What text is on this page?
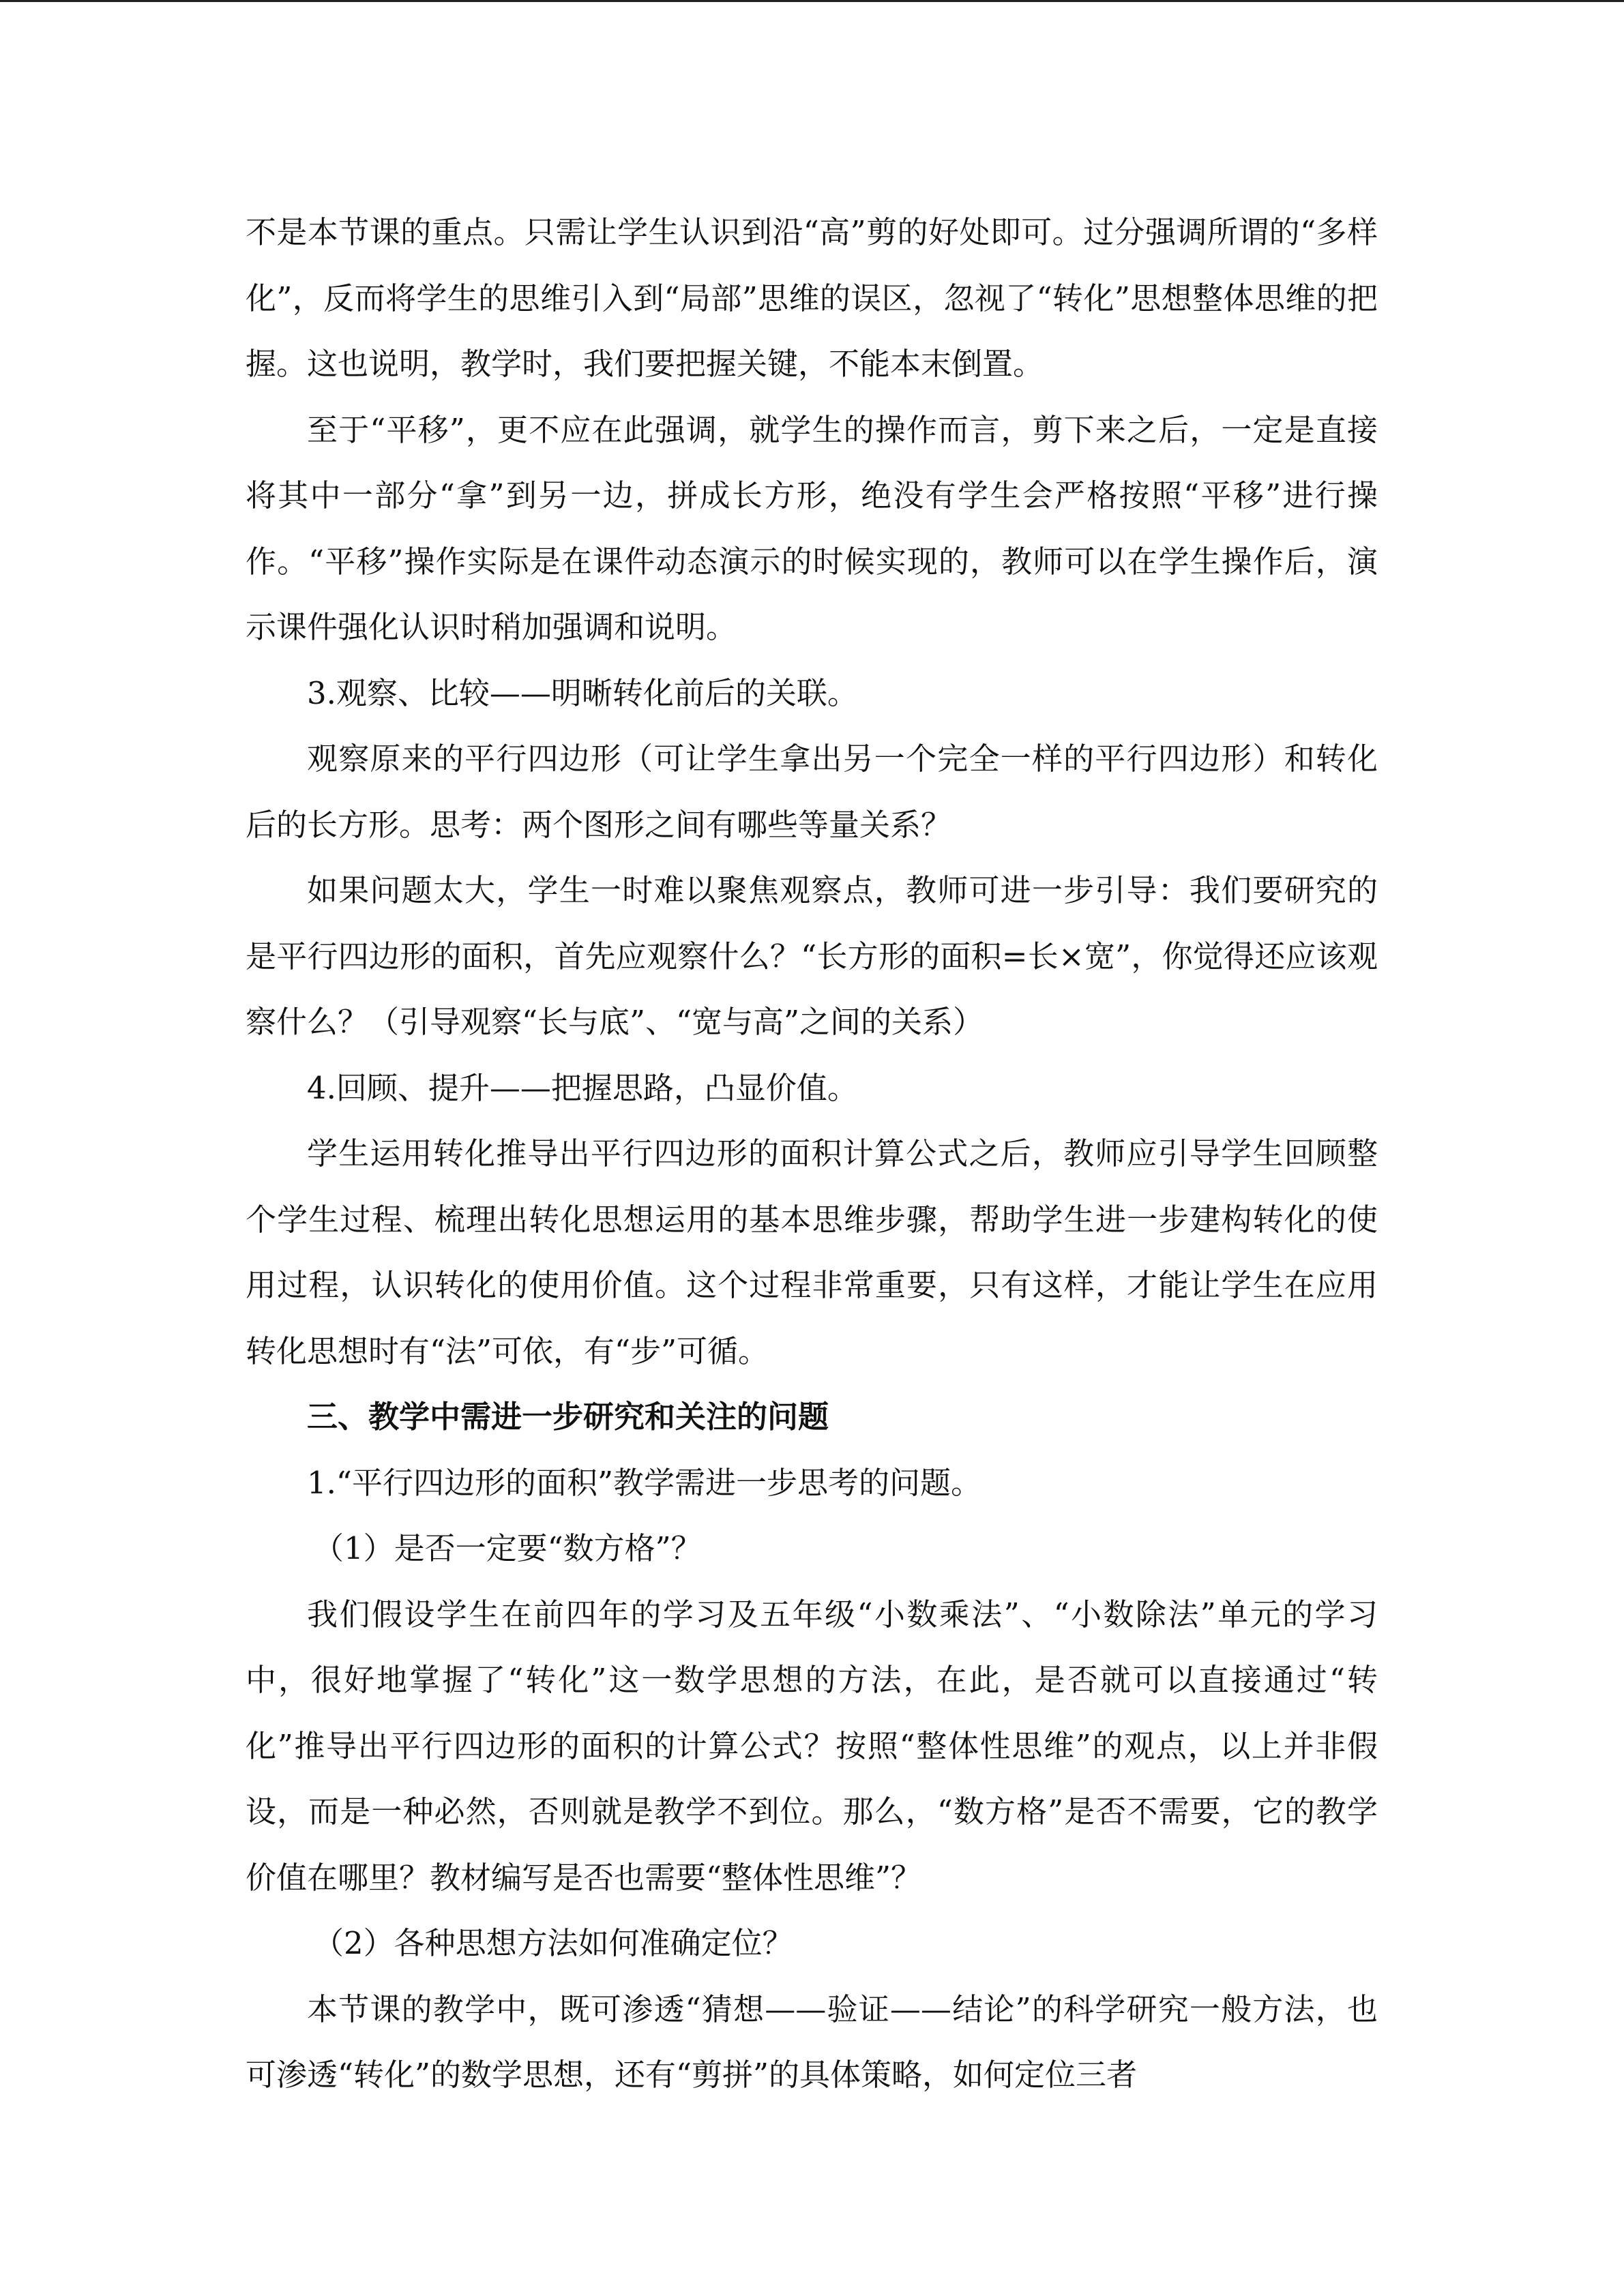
不是本节课的重点。只需让学生认识到沿“高”剪的好处即可。过分强调所谓的“多样化”，反而将学生的思维引入到“局部”思维的误区，忽视了“转化”思想整体思维的把握。这也说明，教学时，我们要把握关键，不能本末倒置。

至于“平移”，更不应在此强调，就学生的操作而言，剪下来之后，一定是直接将其中一部分“拿”到另一边，拼成长方形，绝没有学生会严格按照“平移”进行操作。“平移”操作实际是在课件动态演示的时候实现的，教师可以在学生操作后，演示课件强化认识时稍加强调和说明。

3.观察、比较——明晰转化前后的关联。

观察原来的平行四边形（可让学生拿出另一个完全一样的平行四边形）和转化后的长方形。思考：两个图形之间有哪些等量关系？

如果问题太大，学生一时难以聚焦观察点，教师可进一步引导：我们要研究的是平行四边形的面积，首先应观察什么？“长方形的面积=长×宽”，你觉得还应该观察什么？（引导观察“长与底”、“宽与高”之间的关系）

4.回顾、提升——把握思路，凸显价值。

学生运用转化推导出平行四边形的面积计算公式之后，教师应引导学生回顾整个学生过程、梳理出转化思想运用的基本思维步骤，帮助学生进一步建构转化的使用过程，认识转化的使用价值。这个过程非常重要，只有这样，才能让学生在应用转化思想时有“法”可依，有“步”可循。

三、教学中需进一步研究和关注的问题

1.“平行四边形的面积”教学需进一步思考的问题。

（1）是否一定要“数方格”？

我们假设学生在前四年的学习及五年级“小数乘法”、“小数除法”单元的学习中，很好地掌握了“转化”这一数学思想的方法，在此，是否就可以直接通过“转化”推导出平行四边形的面积的计算公式？按照“整体性思维”的观点，以上并非假设，而是一种必然，否则就是教学不到位。那么，“数方格”是否不需要，它的教学价值在哪里？教材编写是否也需要“整体性思维”？

（2）各种思想方法如何准确定位？

本节课的教学中，既可渗透“猜想——验证——结论”的科学研究一般方法，也可渗透“转化”的数学思想，还有“剪拼”的具体策略，如何定位三者
